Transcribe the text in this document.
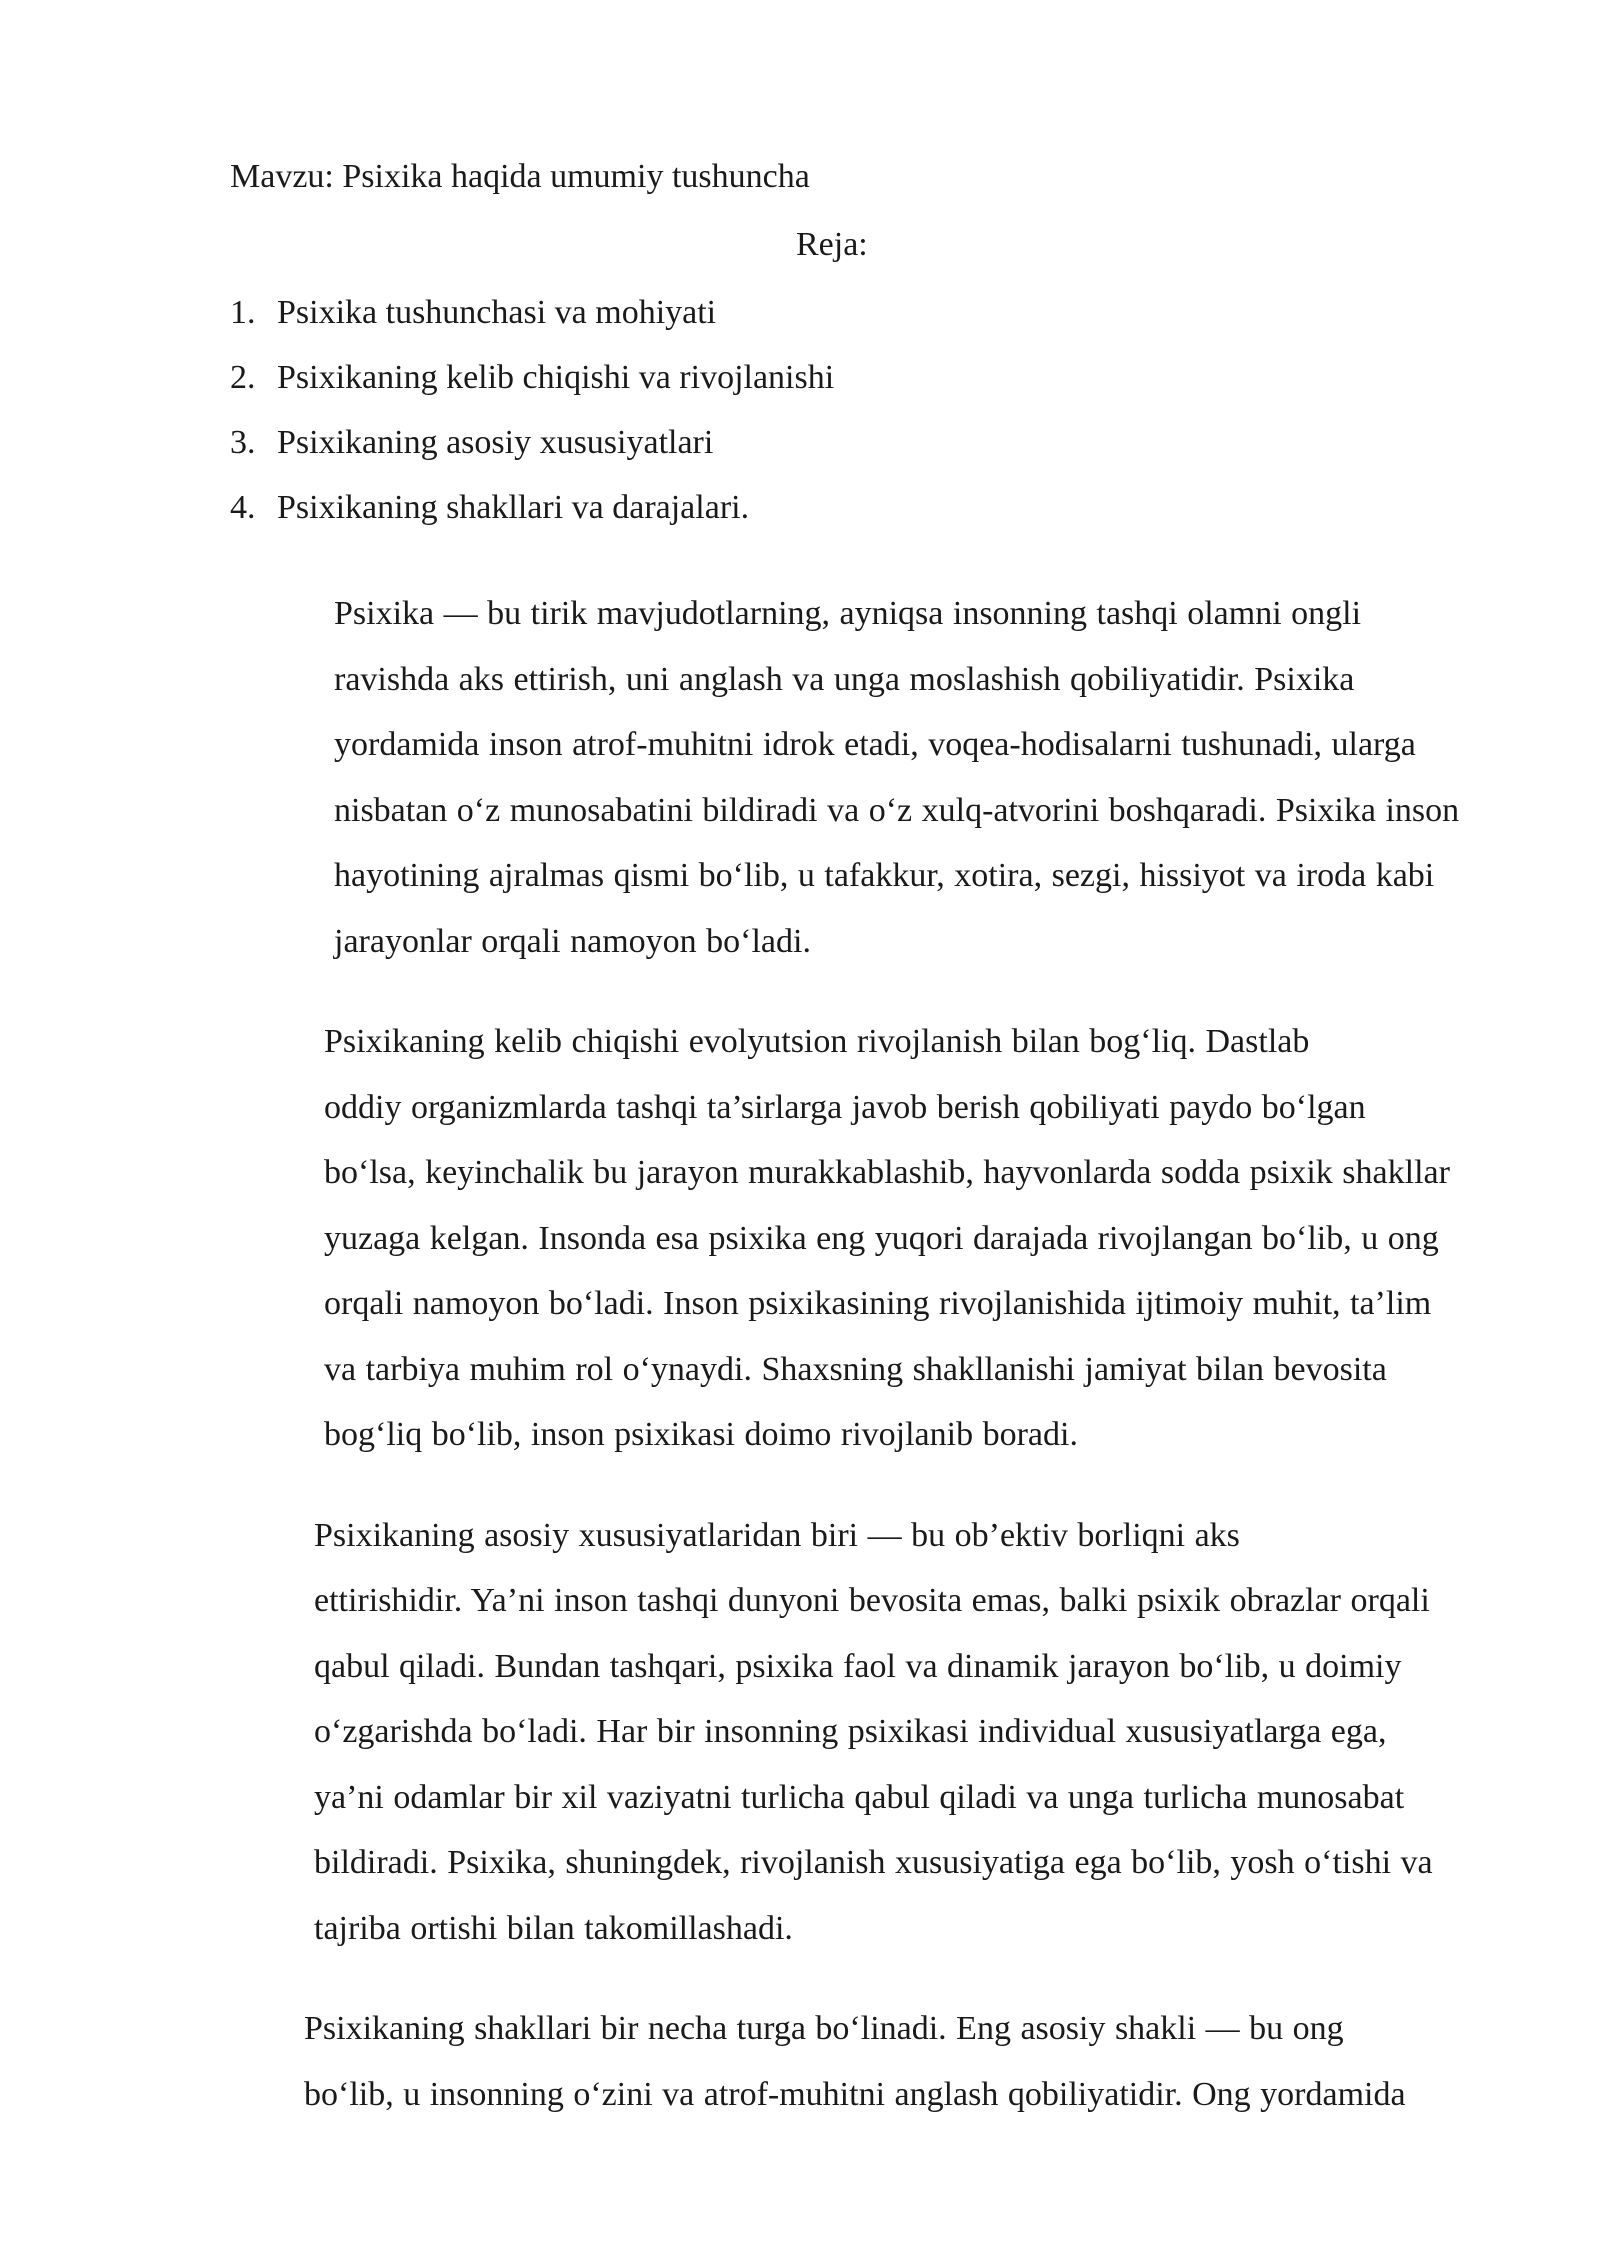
Mavzu: Psixika haqida umumiy tushuncha
Reja:
1. Psixika tushunchasi va mohiyati
2. Psixikaning kelib chiqishi va rivojlanishi
3. Psixikaning asosiy xususiyatlari
4. Psixikaning shakllari va darajalari.

Psixika — bu tirik mavjudotlarning, ayniqsa insonning tashqi olamni ongli
ravishda aks ettirish, uni anglash va unga moslashish qobiliyatidir. Psixika
yordamida inson atrof-muhitni idrok etadi, voqea-hodisalarni tushunadi, ularga
nisbatan o‘z munosabatini bildiradi va o‘z xulq-atvorini boshqaradi. Psixika inson
hayotining ajralmas qismi bo‘lib, u tafakkur, xotira, sezgi, hissiyot va iroda kabi
jarayonlar orqali namoyon bo‘ladi.

Psixikaning kelib chiqishi evolyutsion rivojlanish bilan bog‘liq. Dastlab
oddiy organizmlarda tashqi ta’sirlarga javob berish qobiliyati paydo bo‘lgan
bo‘lsa, keyinchalik bu jarayon murakkablashib, hayvonlarda sodda psixik shakllar
yuzaga kelgan. Insonda esa psixika eng yuqori darajada rivojlangan bo‘lib, u ong
orqali namoyon bo‘ladi. Inson psixikasining rivojlanishida ijtimoiy muhit, ta’lim
va tarbiya muhim rol o‘ynaydi. Shaxsning shakllanishi jamiyat bilan bevosita
bog‘liq bo‘lib, inson psixikasi doimo rivojlanib boradi.

Psixikaning asosiy xususiyatlaridan biri — bu ob’ektiv borliqni aks
ettirishidir. Ya’ni inson tashqi dunyoni bevosita emas, balki psixik obrazlar orqali
qabul qiladi. Bundan tashqari, psixika faol va dinamik jarayon bo‘lib, u doimiy
o‘zgarishda bo‘ladi. Har bir insonning psixikasi individual xususiyatlarga ega,
ya’ni odamlar bir xil vaziyatni turlicha qabul qiladi va unga turlicha munosabat
bildiradi. Psixika, shuningdek, rivojlanish xususiyatiga ega bo‘lib, yosh o‘tishi va
tajriba ortishi bilan takomillashadi.

Psixikaning shakllari bir necha turga bo‘linadi. Eng asosiy shakli — bu ong
bo‘lib, u insonning o‘zini va atrof-muhitni anglash qobiliyatidir. Ong yordamida
